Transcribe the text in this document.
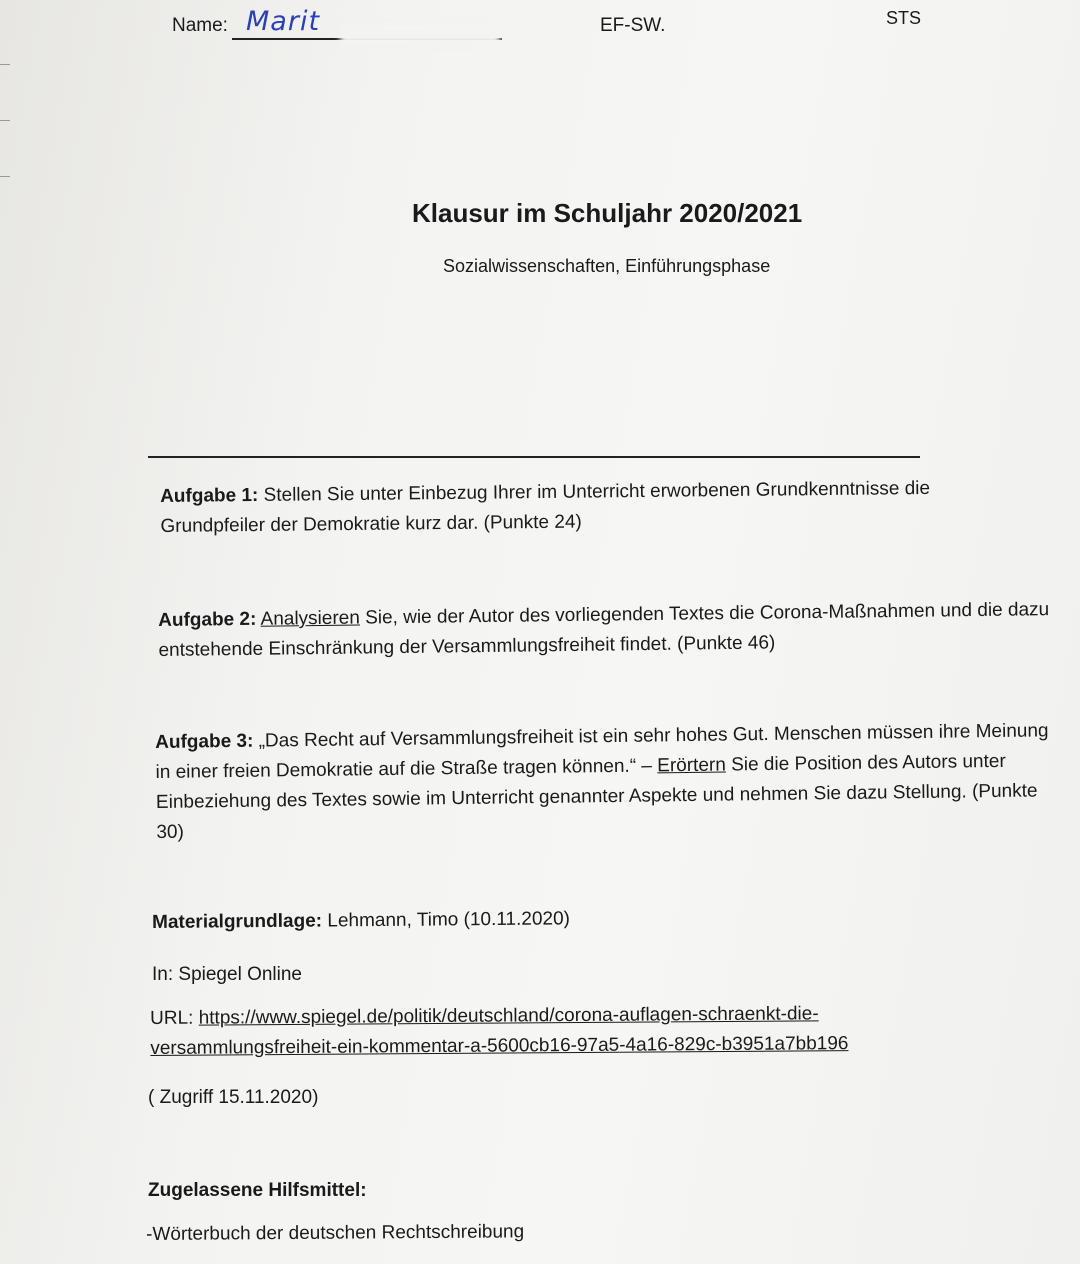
Name: Marit	EF-SW.	STS
Klausur im Schuljahr 2020/2021
Sozialwissenschaften, Einführungsphase
Aufgabe 1: Stellen Sie unter Einbezug Ihrer im Unterricht erworbenen Grundkenntnisse die Grundpfeiler der Demokratie kurz dar. (Punkte 24)
Aufgabe 2: Analysieren Sie, wie der Autor des vorliegenden Textes die Corona-Maßnahmen und die dazu entstehende Einschränkung der Versammlungsfreiheit findet. (Punkte 46)
Aufgabe 3: „Das Recht auf Versammlungsfreiheit ist ein sehr hohes Gut. Menschen müssen ihre Meinung in einer freien Demokratie auf die Straße tragen können.“ – Erörtern Sie die Position des Autors unter Einbeziehung des Textes sowie im Unterricht genannter Aspekte und nehmen Sie dazu Stellung. (Punkte 30)
Materialgrundlage: Lehmann, Timo (10.11.2020)
In: Spiegel Online
URL: https://www.spiegel.de/politik/deutschland/corona-auflagen-schraenkt-die-
versammlungsfreiheit-ein-kommentar-a-5600cb16-97a5-4a16-829c-b3951a7bb196
( Zugriff 15.11.2020)
Zugelassene Hilfsmittel:
-Wörterbuch der deutschen Rechtschreibung
